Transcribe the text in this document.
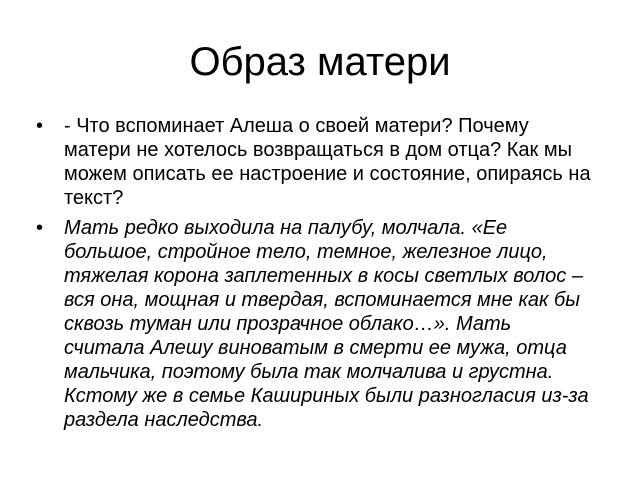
Образ матери
•	- Что вспоминает Алеша о своей матери? Почему матери не хотелось возвращаться в дом отца? Как мы можем описать ее настроение и состояние, опираясь на текст?
•	Мать редко выходила на палубу, молчала. «Ее большое, стройное тело, темное, железное лицо, тяжелая корона заплетенных в косы светлых волос – вся она, мощная и твердая, вспоминается мне как бы сквозь туман или прозрачное облако…». Мать считала Алешу виноватым в смерти ее мужа, отца мальчика, поэтому была так молчалива и грустна. Кстому же в семье Кашириных были разногласия из-за раздела наследства.
